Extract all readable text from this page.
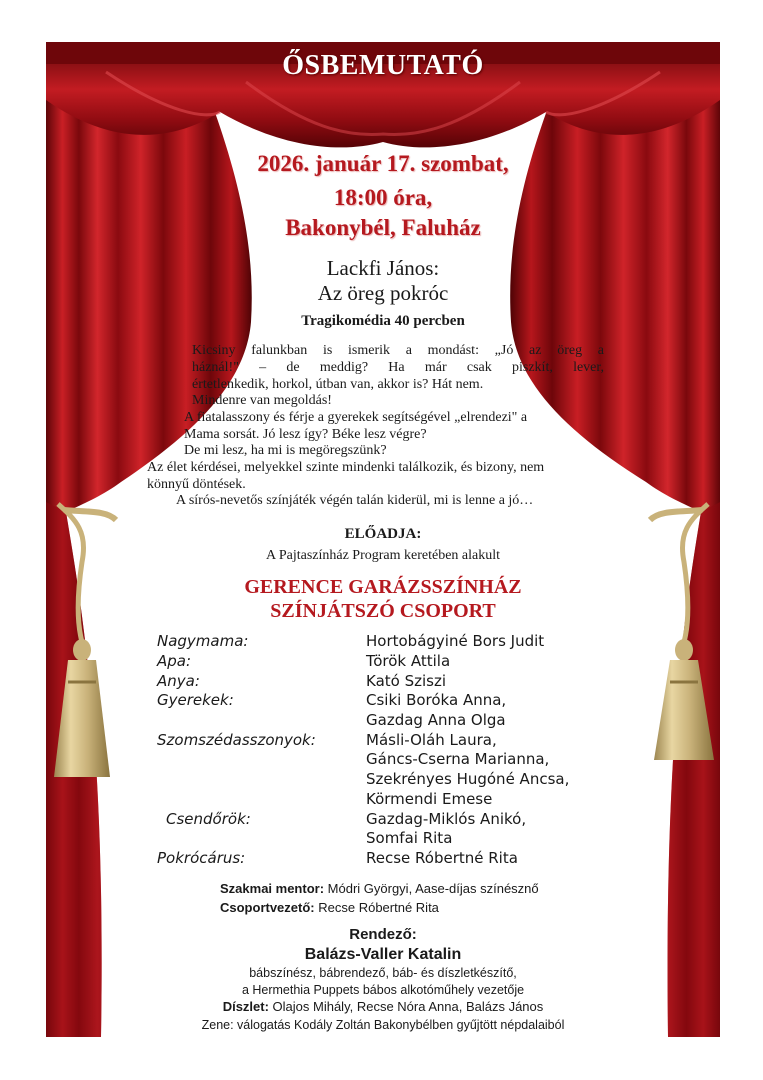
ŐSBEMUTATÓ
2026. január 17. szombat,
18:00 óra,
Bakonybél, Faluház
Lackfi János:
Az öreg pokróc
Tragikomédia 40 percben
Kicsiny falunkban is ismerik a mondást: „Jó az öreg a
háznál!" – de meddig? Ha már csak piszkít, lever,
értetlenkedik, horkol, útban van, akkor is? Hát nem.
Mindenre van megoldás!
A fiatalasszony és férje a gyerekek segítségével „elrendezi" a
Mama sorsát. Jó lesz így? Béke lesz végre?
De mi lesz, ha mi is megöregszünk?
Az élet kérdései, melyekkel szinte mindenki találkozik, és bizony, nem
könnyű döntések.
A sírós-nevetős színjáték végén talán kiderül, mi is lenne a jó…
ELŐADJA:
A Pajtaszínház Program keretében alakult
GERENCE GARÁZSSZÍNHÁZ
SZÍNJÁTSZÓ CSOPORT
Nagymama:	Hortobágyiné Bors Judit
Apa:	Török Attila
Anya:	Kató Sziszi
Gyerekek:	Csiki Boróka Anna,
Gazdag Anna Olga
Szomszédasszonyok:	Másli-Oláh Laura,
Gáncs-Cserna Marianna,
Szekrényes Hugóné Ancsa,
Körmendi Emese
Csendőrök:	Gazdag-Miklós Anikó,
Somfai Rita
Pokrócárus:	Recse Róbertné Rita
Szakmai mentor: Módri Györgyi, Aase-díjas színésznő
Csoportvezető: Recse Róbertné Rita
Rendező:
Balázs-Valler Katalin
bábszínész, bábrendező, báb- és díszletkészítő,
a Hermethia Puppets bábos alkotóműhely vezetője
Díszlet: Olajos Mihály, Recse Nóra Anna, Balázs János
Zene: válogatás Kodály Zoltán Bakonybélben gyűjtött népdalaiból
